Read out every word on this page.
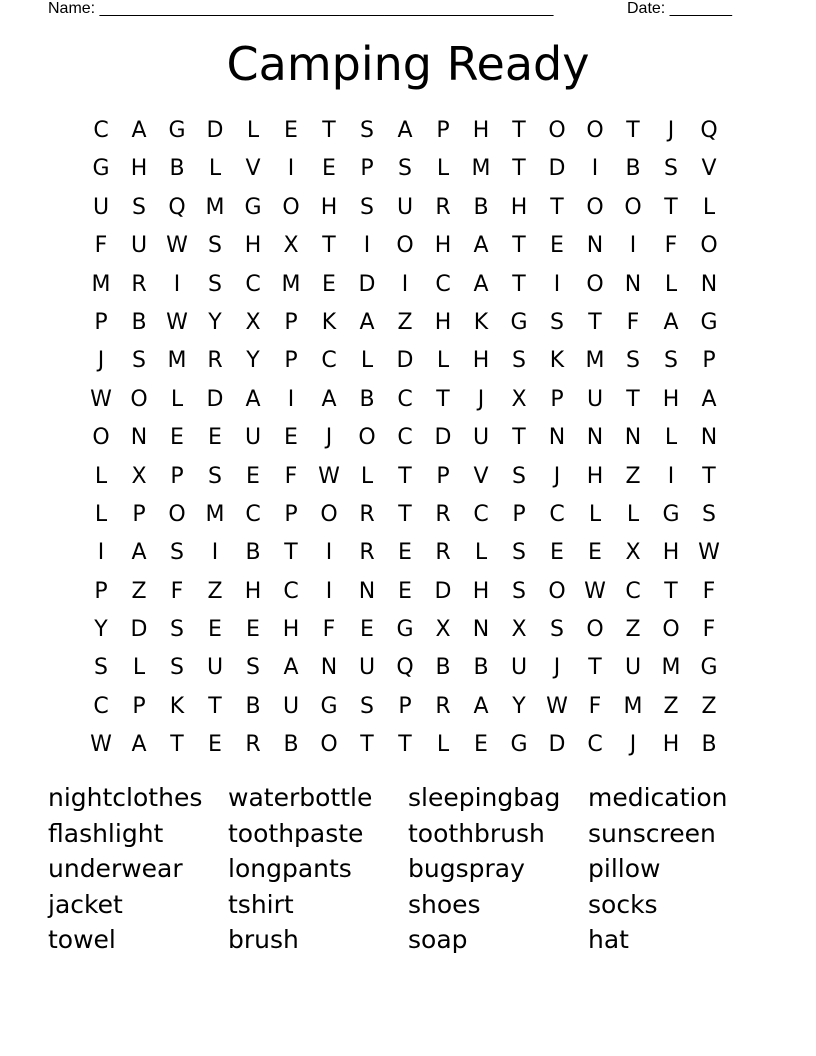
Name: ___________________________________________________	Date: _______
Camping Ready
C	A G D	L	E	T	S	A	P	H	T	O O	T	J	Q
G H	B	L	V	I	E	P	S	L	M T	D	I	B	S	V
U	S	Q M G O H	S	U	R	B	H	T	O O	T	L
F	U W S	H	X	T	I	O H	A	T	E	N	I	F	O
M R	I	S	C M E	D	I	C	A	T	I	O N	L	N
P	B W Y	X	P	K	A	Z	H	K	G	S	T	F	A G
J	S M R	Y	P	C	L	D	L	H	S	K M S	S	P
W O	L	D	A	I	A	B	C	T	J	X	P	U	T	H	A
O N	E	E	U	E	J	O C D U	T	N N N	L	N
L	X	P	S	E	F W L	T	P	V	S	J	H	Z	I	T
L	P	O M C	P	O R	T	R	C	P	C	L	L	G	S
I	A	S	I	B	T	I	R	E	R	L	S	E	E	X	H W
P	Z	F	Z	H	C	I	N	E	D H	S	O W C	T	F
Y	D	S	E	E	H	F	E	G X	N	X	S	O Z O	F
S	L	S	U	S	A	N U Q B	B	U	J	T	U M G
C	P	K	T	B	U G	S	P	R	A	Y W F	M Z	Z
W A	T	E	R	B O	T	T	L	E	G D C	J	H	B
nightclothes	waterbottle	sleepingbag	medication
flashlight	toothpaste	toothbrush	sunscreen
underwear	longpants	bugspray	pillow
jacket	tshirt	shoes	socks
towel	brush	soap	hat
